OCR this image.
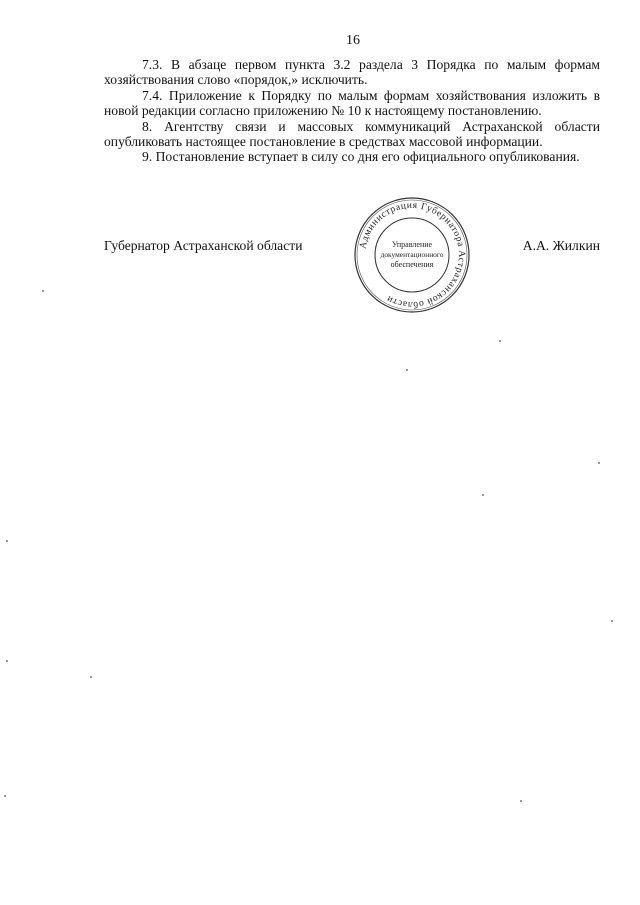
16

7.3. В абзаце первом пункта 3.2 раздела 3 Порядка по малым формам хозяйствования слово «порядок,» исключить.

7.4. Приложение к Порядку по малым формам хозяйствования изложить в новой редакции согласно приложению № 10 к настоящему постановлению.

8. Агентству связи и массовых коммуникаций Астраханской области опубликовать настоящее постановление в средствах массовой информации.

9. Постановление вступает в силу со дня его официального опубликования.

Губернатор Астраханской области	А.А. Жилкин
Администрация Губернатора Астраханской области
Управление
документационного
обеспечения
